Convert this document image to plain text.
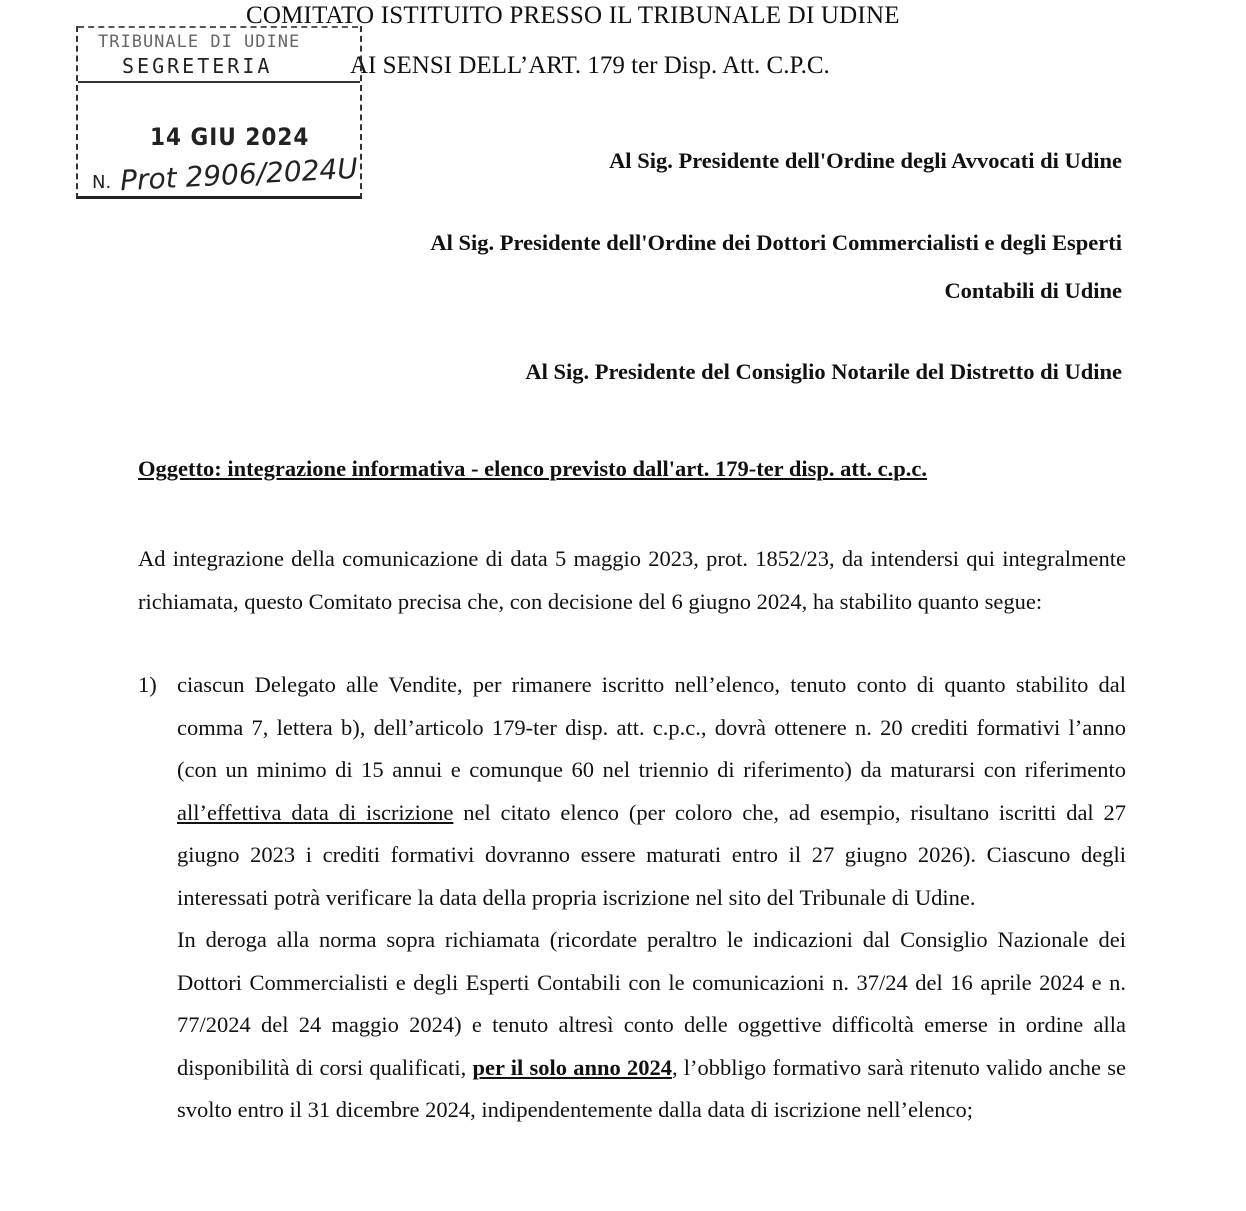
COMITATO ISTITUITO PRESSO IL TRIBUNALE DI UDINE
AI SENSI DELL’ART. 179 ter Disp. Att. C.P.C.
TRIBUNALE DI UDINE
SEGRETERIA
14 GIU 2024
N. Prot 2906/2024U	Al Sig. Presidente dell'Ordine degli Avvocati di Udine
Al Sig. Presidente dell'Ordine dei Dottori Commercialisti e degli Esperti
Contabili di Udine
Al Sig. Presidente del Consiglio Notarile del Distretto di Udine
Oggetto: integrazione informativa - elenco previsto dall'art. 179-ter disp. att. c.p.c.

Ad integrazione della comunicazione di data 5 maggio 2023, prot. 1852/23, da intendersi qui integralmente richiamata, questo Comitato precisa che, con decisione del 6 giugno 2024, ha stabilito quanto segue:

1) ciascun Delegato alle Vendite, per rimanere iscritto nell’elenco, tenuto conto di quanto stabilito dal comma 7, lettera b), dell’articolo 179-ter disp. att. c.p.c., dovrà ottenere n. 20 crediti formativi l’anno (con un minimo di 15 annui e comunque 60 nel triennio di riferimento) da maturarsi con riferimento all’effettiva data di iscrizione nel citato elenco (per coloro che, ad esempio, risultano iscritti dal 27 giugno 2023 i crediti formativi dovranno essere maturati entro il 27 giugno 2026). Ciascuno degli interessati potrà verificare la data della propria iscrizione nel sito del Tribunale di Udine.

In deroga alla norma sopra richiamata (ricordate peraltro le indicazioni dal Consiglio Nazionale dei Dottori Commercialisti e degli Esperti Contabili con le comunicazioni n. 37/24 del 16 aprile 2024 e n. 77/2024 del 24 maggio 2024) e tenuto altresì conto delle oggettive difficoltà emerse in ordine alla disponibilità di corsi qualificati, per il solo anno 2024, l’obbligo formativo sarà ritenuto valido anche se svolto entro il 31 dicembre 2024, indipendentemente dalla data di iscrizione nell’elenco;
